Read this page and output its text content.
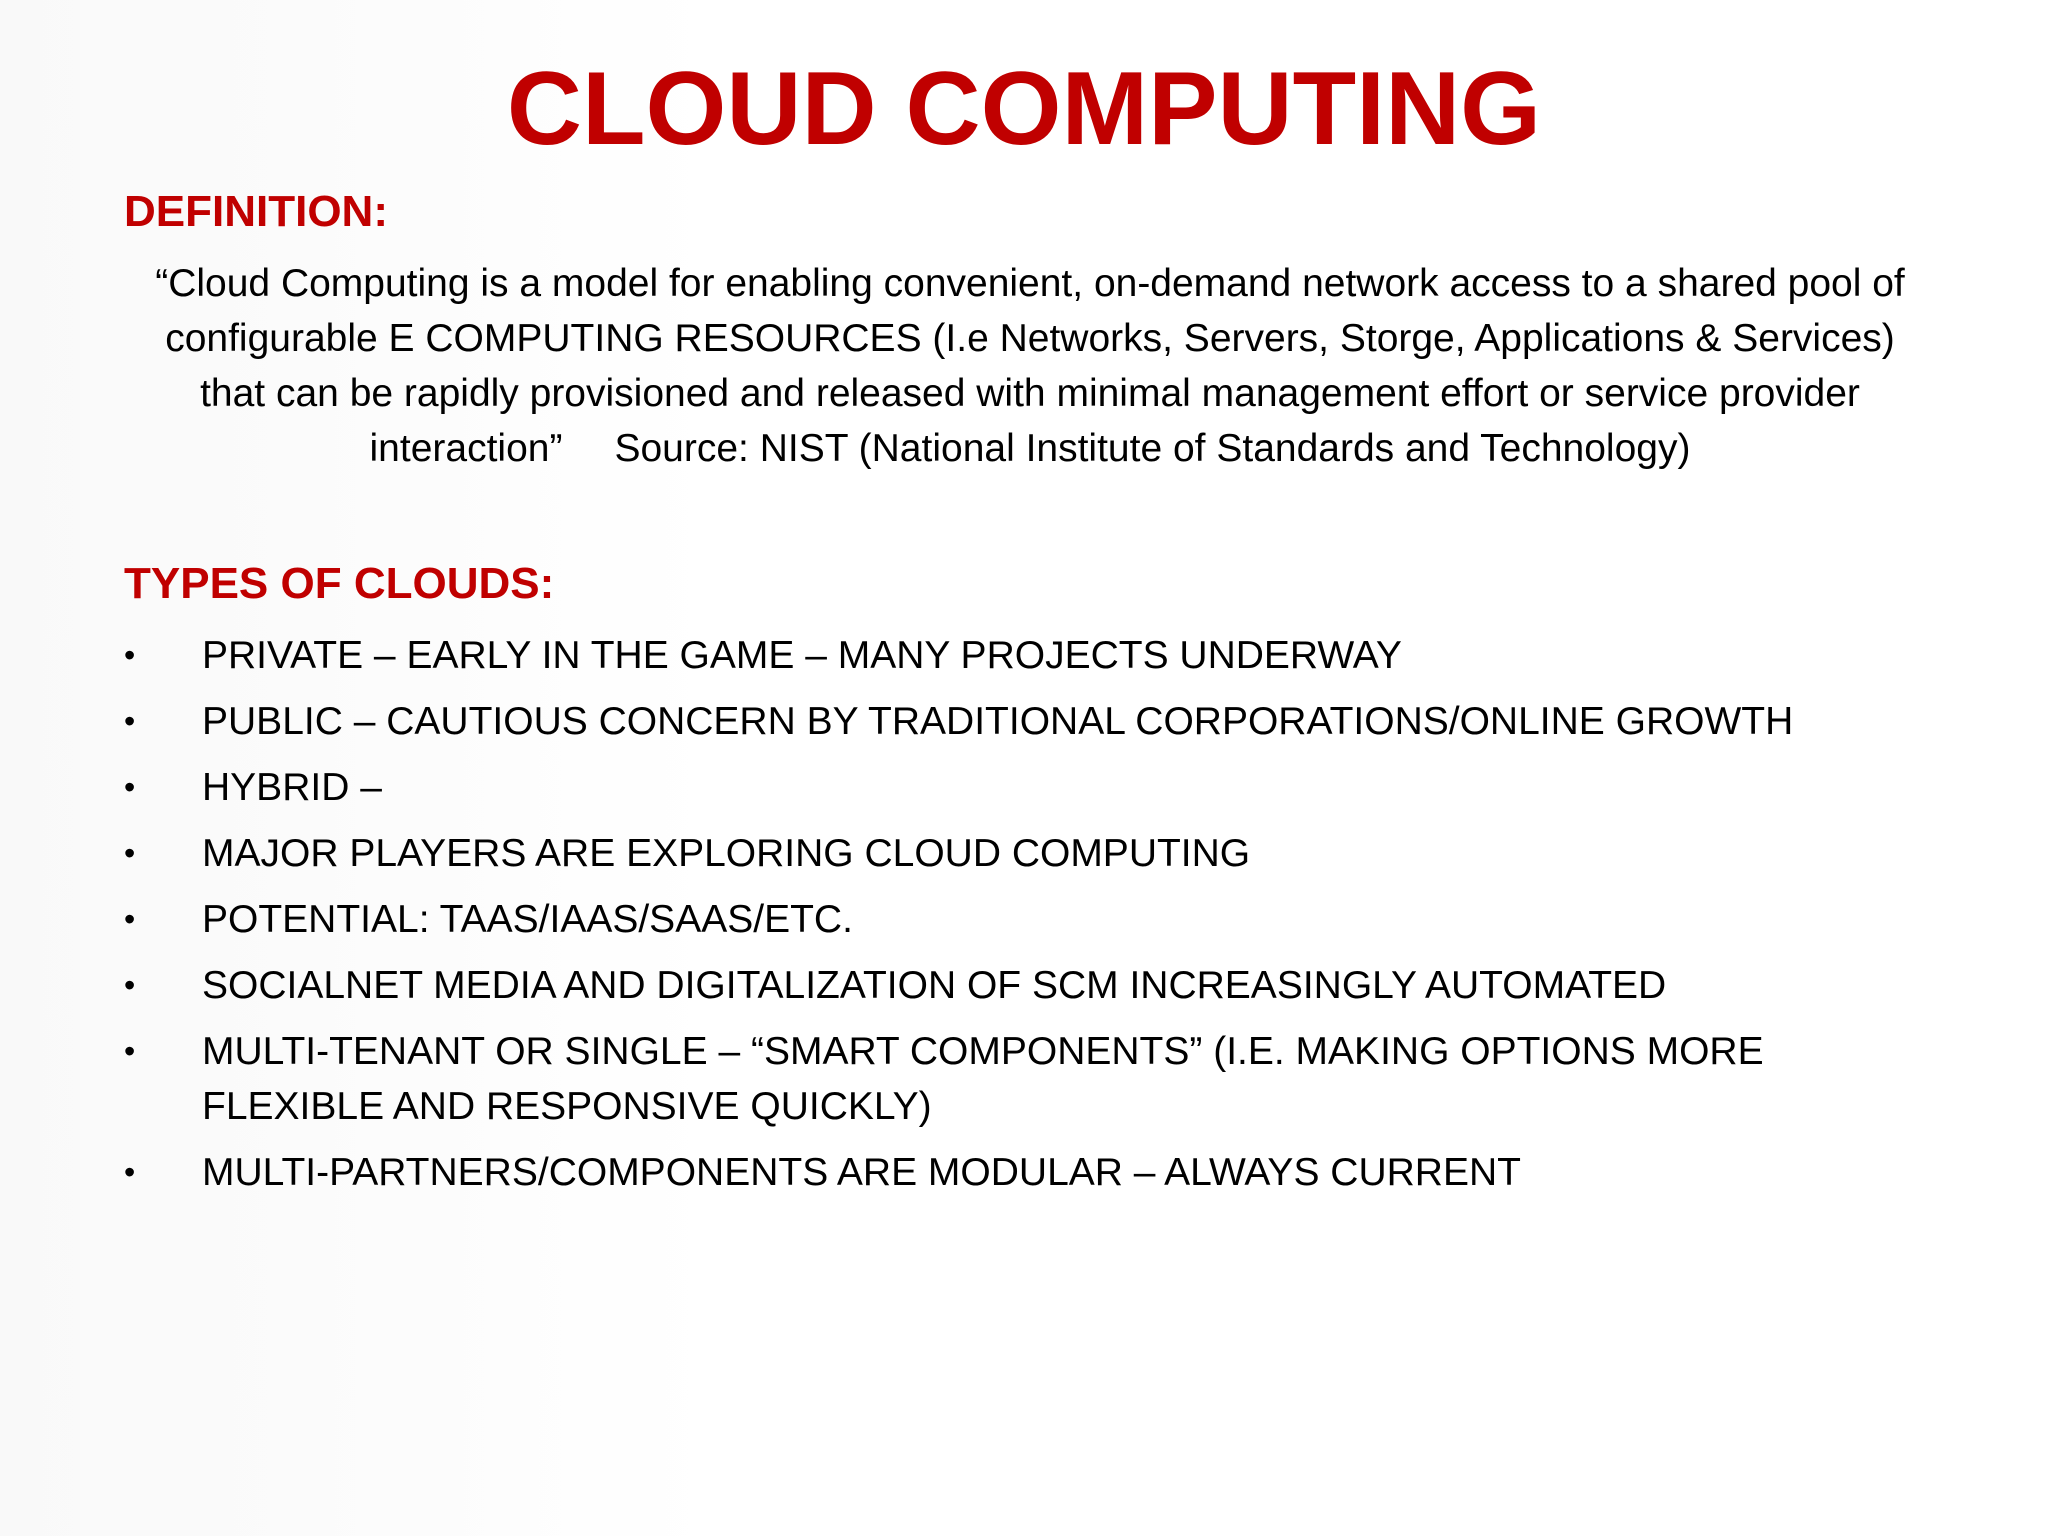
CLOUD COMPUTING
DEFINITION:

“Cloud Computing is a model for enabling convenient, on-demand network access to a shared pool of configurable E COMPUTING RESOURCES (I.e Networks, Servers, Storge, Applications & Services) that can be rapidly provisioned and released with minimal management effort or service provider interaction” Source: NIST (National Institute of Standards and Technology)

TYPES OF CLOUDS:
•	PRIVATE – EARLY IN THE GAME – MANY PROJECTS UNDERWAY
•	PUBLIC – CAUTIOUS CONCERN BY TRADITIONAL CORPORATIONS/ONLINE GROWTH
•	HYBRID –
•	MAJOR PLAYERS ARE EXPLORING CLOUD COMPUTING
•	POTENTIAL: TAAS/IAAS/SAAS/ETC.
•	SOCIALNET MEDIA AND DIGITALIZATION OF SCM INCREASINGLY AUTOMATED
•	MULTI-TENANT OR SINGLE – “SMART COMPONENTS” (I.E. MAKING OPTIONS MORE FLEXIBLE AND RESPONSIVE QUICKLY)
•	MULTI-PARTNERS/COMPONENTS ARE MODULAR – ALWAYS CURRENT
